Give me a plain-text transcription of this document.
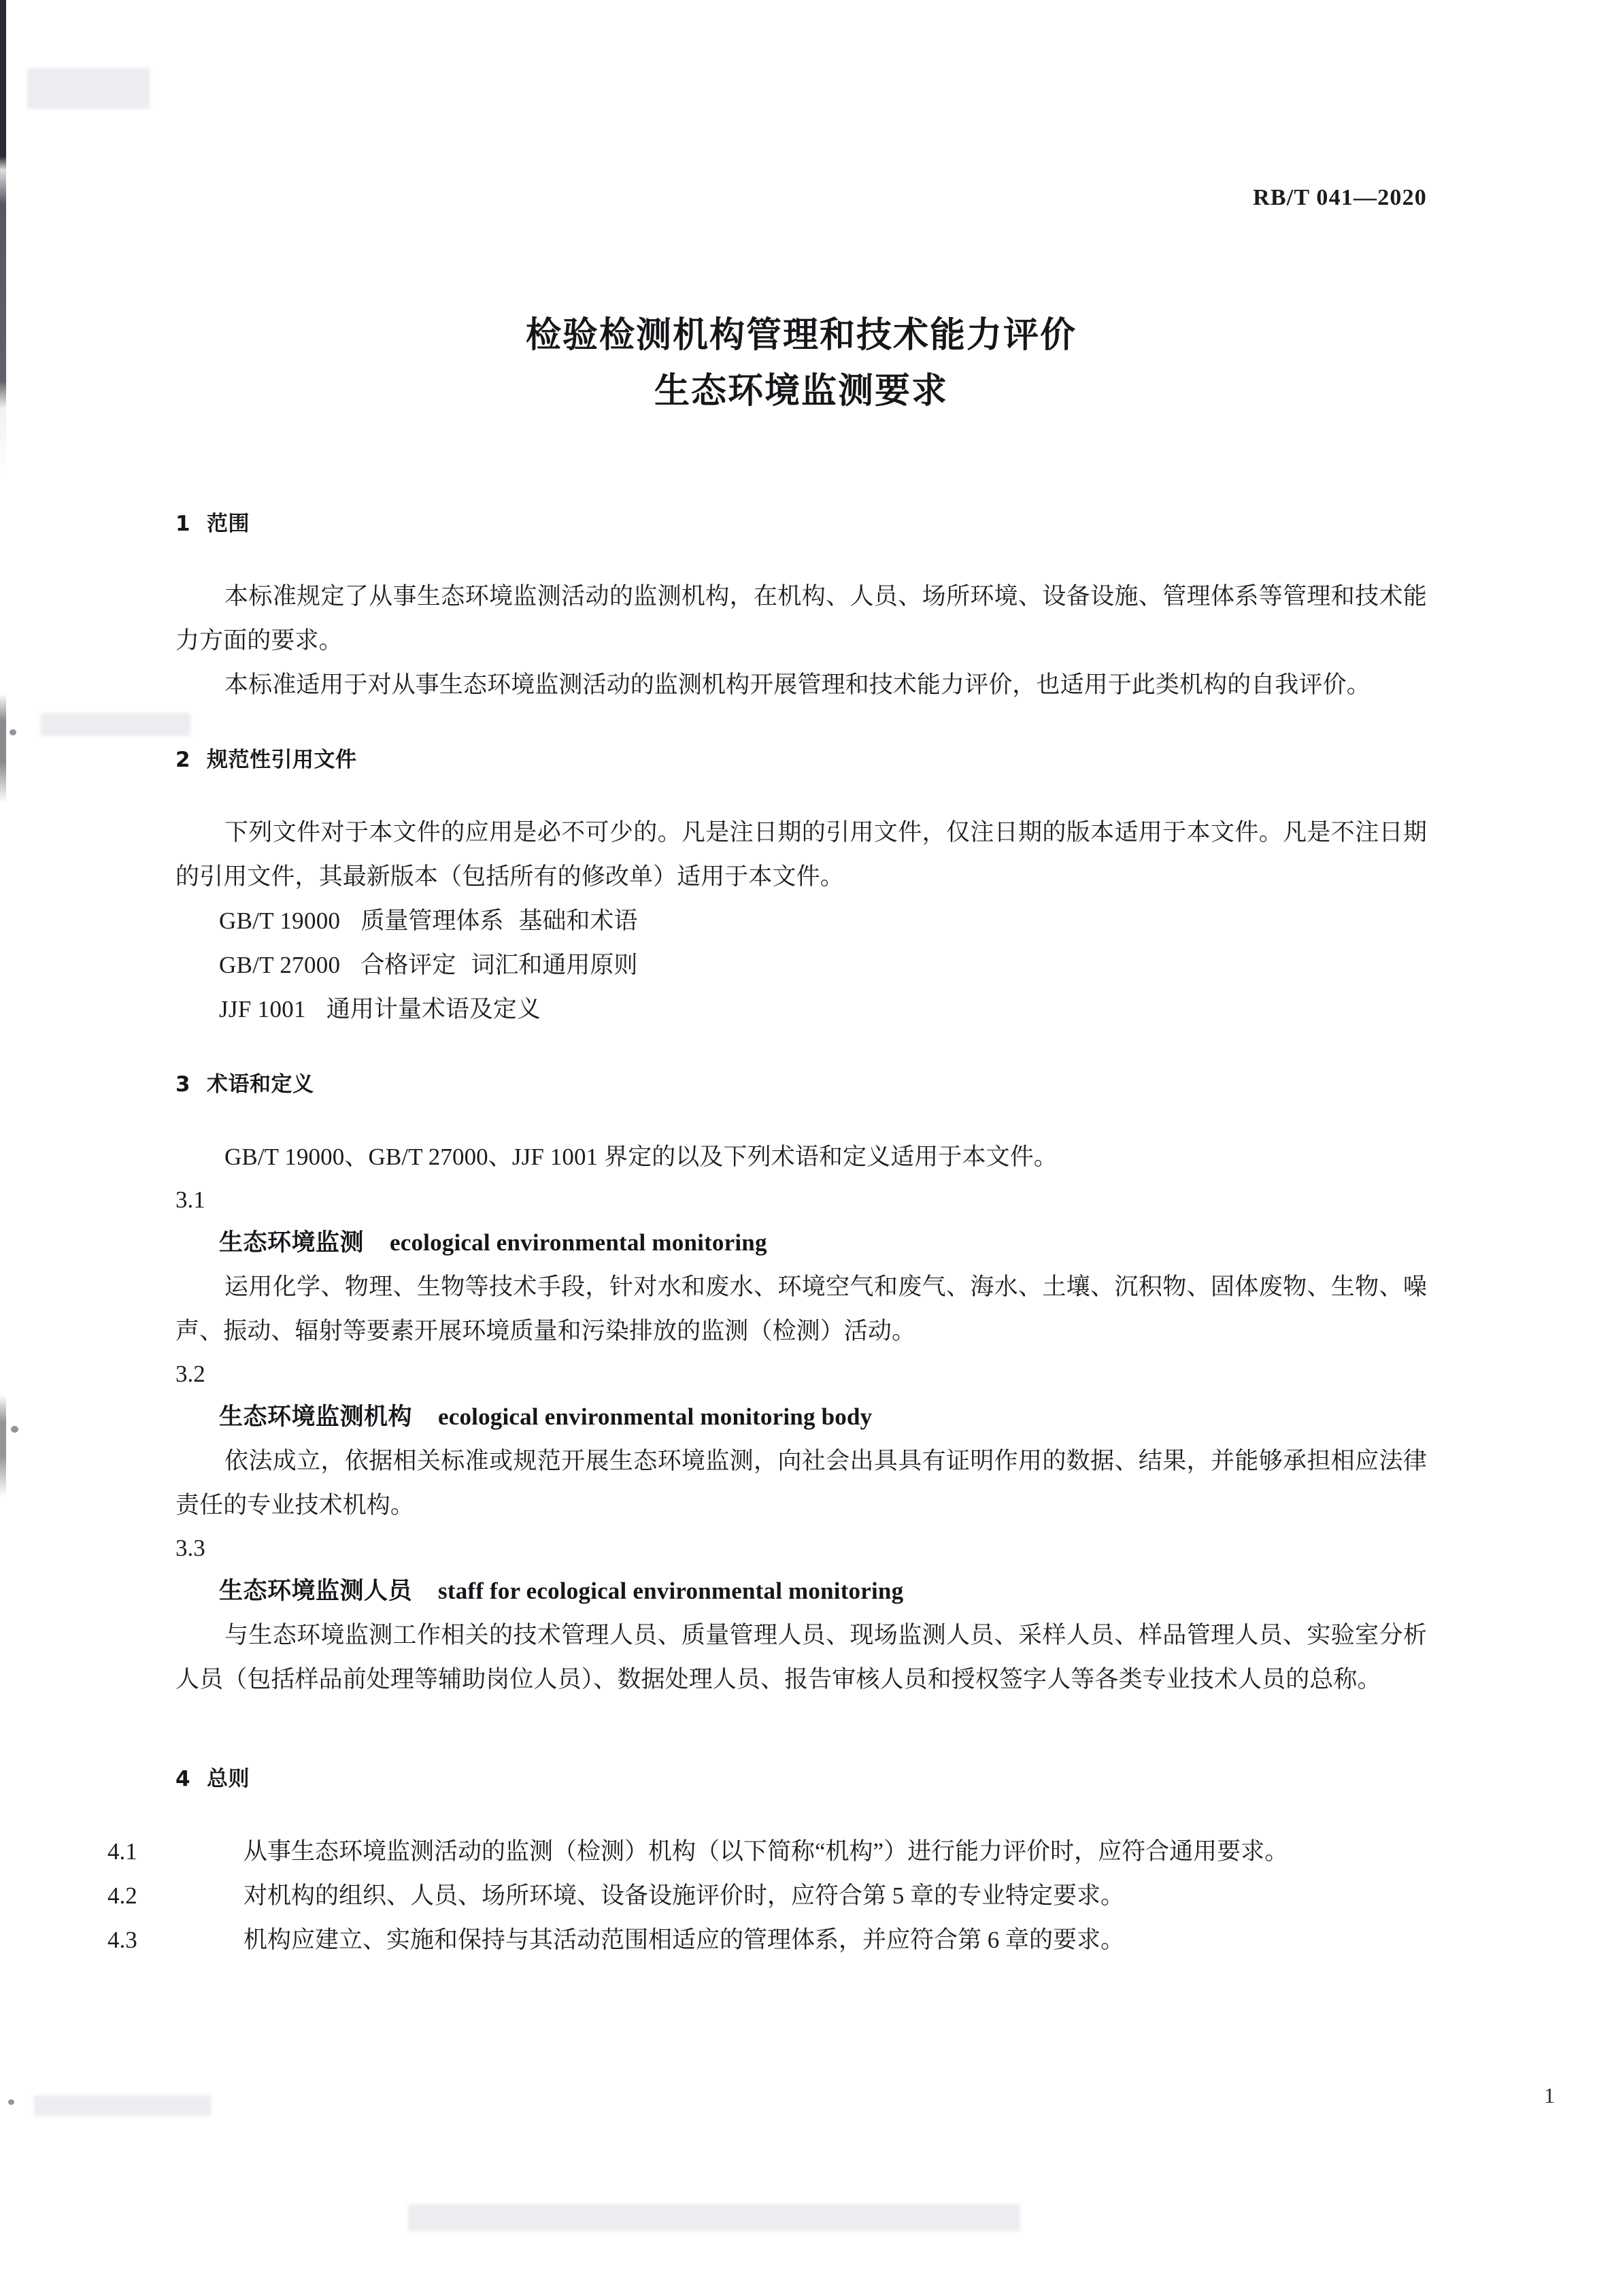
RB/T 041—2020
检验检测机构管理和技术能力评价
生态环境监测要求
1 范围

本标准规定了从事生态环境监测活动的监测机构，在机构、人员、场所环境、设备设施、管理体系等管理和技术能力方面的要求。

本标准适用于对从事生态环境监测活动的监测机构开展管理和技术能力评价，也适用于此类机构的自我评价。

2 规范性引用文件

下列文件对于本文件的应用是必不可少的。凡是注日期的引用文件，仅注日期的版本适用于本文件。凡是不注日期的引用文件，其最新版本（包括所有的修改单）适用于本文件。

GB/T 19000 质量管理体系 基础和术语

GB/T 27000 合格评定 词汇和通用原则

JJF 1001 通用计量术语及定义

3 术语和定义

GB/T 19000、GB/T 27000、JJF 1001 界定的以及下列术语和定义适用于本文件。

3.1

生态环境监测 ecological environmental monitoring

运用化学、物理、生物等技术手段，针对水和废水、环境空气和废气、海水、土壤、沉积物、固体废物、生物、噪声、振动、辐射等要素开展环境质量和污染排放的监测（检测）活动。

3.2

生态环境监测机构 ecological environmental monitoring body

依法成立，依据相关标准或规范开展生态环境监测，向社会出具具有证明作用的数据、结果，并能够承担相应法律责任的专业技术机构。

3.3

生态环境监测人员 staff for ecological environmental monitoring

与生态环境监测工作相关的技术管理人员、质量管理人员、现场监测人员、采样人员、样品管理人员、实验室分析人员（包括样品前处理等辅助岗位人员）、数据处理人员、报告审核人员和授权签字人等各类专业技术人员的总称。

4 总则

4.1	从事生态环境监测活动的监测（检测）机构（以下简称“机构”）进行能力评价时，应符合通用要求。

4.2	对机构的组织、人员、场所环境、设备设施评价时，应符合第 5 章的专业特定要求。

4.3	机构应建立、实施和保持与其活动范围相适应的管理体系，并应符合第 6 章的要求。

1
